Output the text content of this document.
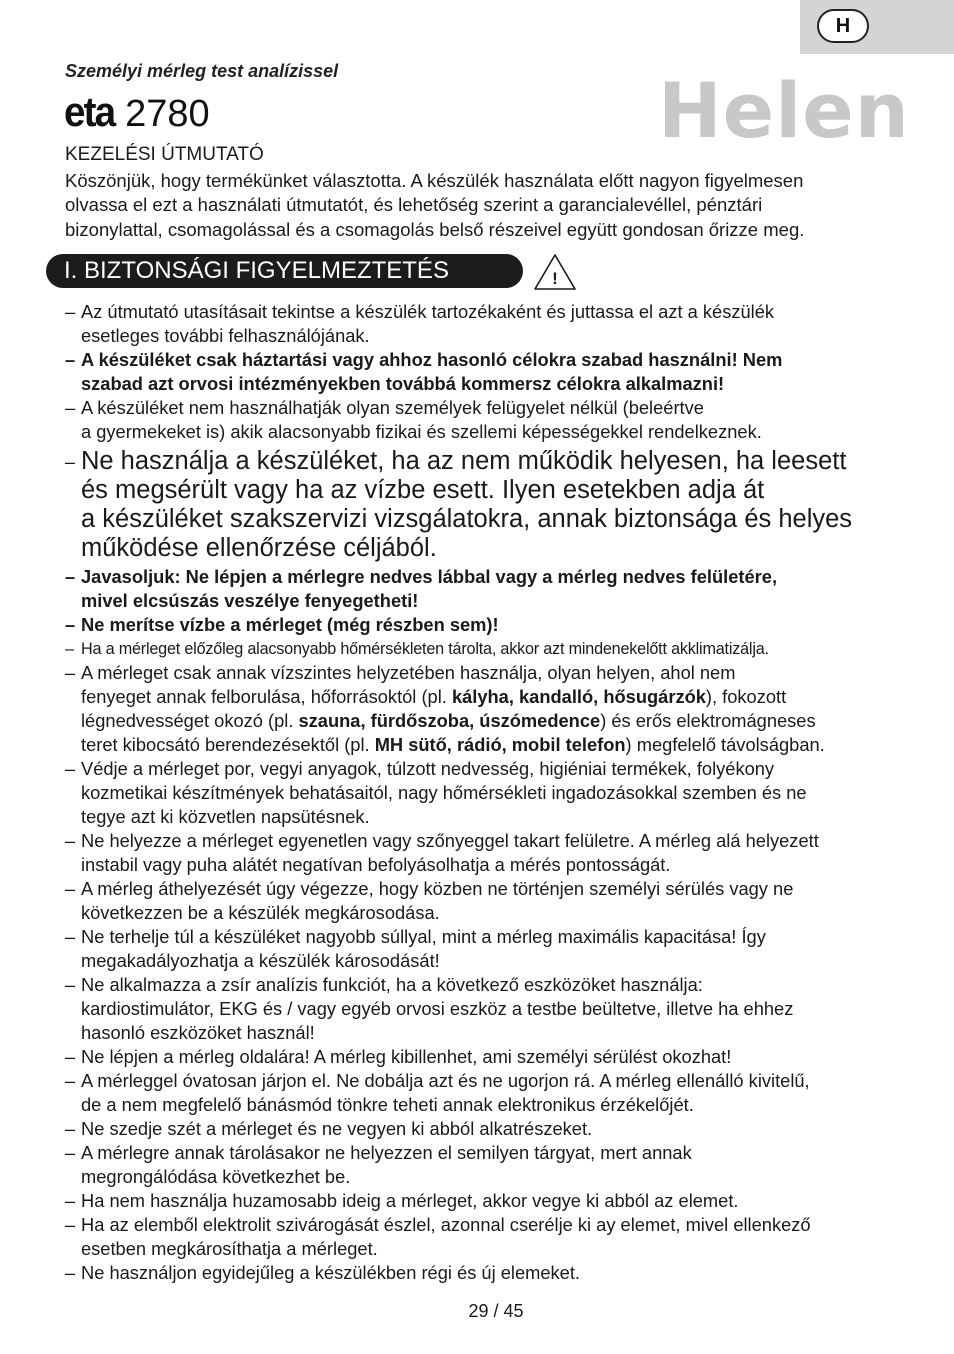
H
Személyi mérleg test analízissel
eta 2780	Helen
KEZELÉSI ÚTMUTATÓ
Köszönjük, hogy termékünket választotta. A készülék használata előtt nagyon figyelmesen
olvassa el ezt a használati útmutatót, és lehetőség szerint a garancialevéllel, pénztári
bizonylattal, csomagolással és a csomagolás belső részeivel együtt gondosan őrizze meg.
I. BIZTONSÁGI FIGYELMEZTETÉS	!
– Az útmutató utasításait tekintse a készülék tartozékaként és juttassa el azt a készülék
esetleges további felhasználójának.
– A készüléket csak háztartási vagy ahhoz hasonló célokra szabad használni! Nem
szabad azt orvosi intézményekben továbbá kommersz célokra alkalmazni!
– A készüléket nem használhatják olyan személyek felügyelet nélkül (beleértve
a gyermekeket is) akik alacsonyabb fizikai és szellemi képességekkel rendelkeznek.
– Ne használja a készüléket, ha az nem működik helyesen, ha leesett
és megsérült vagy ha az vízbe esett. Ilyen esetekben adja át
a készüléket szakszervizi vizsgálatokra, annak biztonsága és helyes
működése ellenőrzése céljából.
– Javasoljuk: Ne lépjen a mérlegre nedves lábbal vagy a mérleg nedves felületére,
mivel elcsúszás veszélye fenyegetheti!
– Ne merítse vízbe a mérleget (még részben sem)!
– Ha a mérleget előzőleg alacsonyabb hőmérsékleten tárolta, akkor azt mindenekelőtt akklimatizálja.
– A mérleget csak annak vízszintes helyzetében használja, olyan helyen, ahol nem
fenyeget annak felborulása, hőforrásoktól (pl. kályha, kandalló, hősugárzók), fokozott
légnedvességet okozó (pl. szauna, fürdőszoba, úszómedence) és erős elektromágneses
teret kibocsátó berendezésektől (pl. MH sütő, rádió, mobil telefon) megfelelő távolságban.
– Védje a mérleget por, vegyi anyagok, túlzott nedvesség, higiéniai termékek, folyékony
kozmetikai készítmények behatásaitól, nagy hőmérsékleti ingadozásokkal szemben és ne
tegye azt ki közvetlen napsütésnek.
– Ne helyezze a mérleget egyenetlen vagy szőnyeggel takart felületre. A mérleg alá helyezett
instabil vagy puha alátét negatívan befolyásolhatja a mérés pontosságát.
– A mérleg áthelyezését úgy végezze, hogy közben ne történjen személyi sérülés vagy ne
következzen be a készülék megkárosodása.
– Ne terhelje túl a készüléket nagyobb súllyal, mint a mérleg maximális kapacitása! Így
megakadályozhatja a készülék károsodását!
– Ne alkalmazza a zsír analízis funkciót, ha a következő eszközöket használja:
kardiostimulátor, EKG és / vagy egyéb orvosi eszköz a testbe beültetve, illetve ha ehhez
hasonló eszközöket használ!
– Ne lépjen a mérleg oldalára! A mérleg kibillenhet, ami személyi sérülést okozhat!
– A mérleggel óvatosan járjon el. Ne dobálja azt és ne ugorjon rá. A mérleg ellenálló kivitelű,
de a nem megfelelő bánásmód tönkre teheti annak elektronikus érzékelőjét.
– Ne szedje szét a mérleget és ne vegyen ki abból alkatrészeket.
– A mérlegre annak tárolásakor ne helyezzen el semilyen tárgyat, mert annak
megrongálódása következhet be.
– Ha nem használja huzamosabb ideig a mérleget, akkor vegye ki abból az elemet.
– Ha az elemből elektrolit szivárogását észlel, azonnal cserélje ki ay elemet, mivel ellenkező
esetben megkárosíthatja a mérleget.
– Ne használjon egyidejűleg a készülékben régi és új elemeket.
29 / 45
